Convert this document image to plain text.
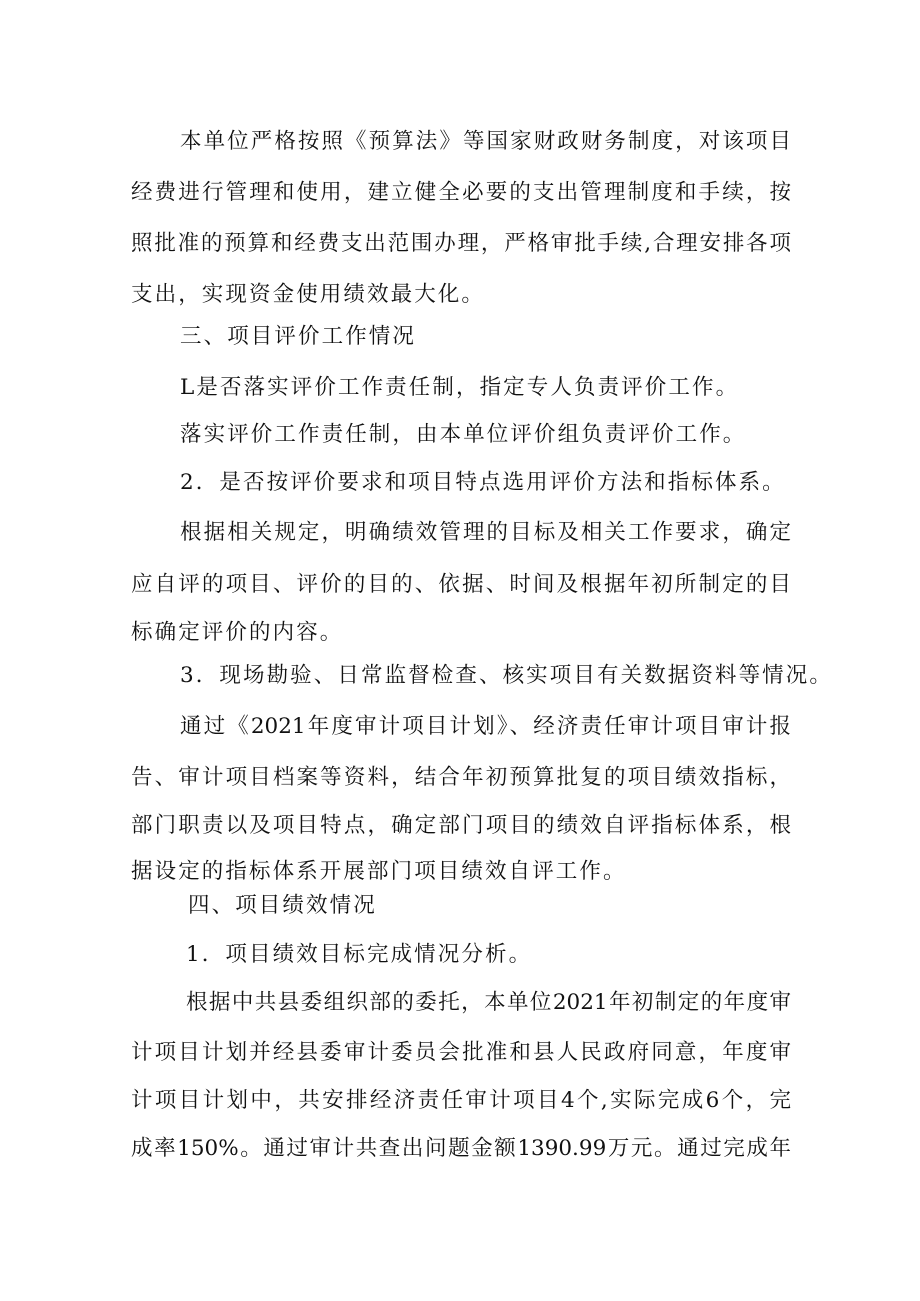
本单位严格按照《预算法》等国家财政财务制度，对该项目
经费进行管理和使用，建立健全必要的支出管理制度和手续，按
照批准的预算和经费支出范围办理，严格审批手续,合理安排各项
支出，实现资金使用绩效最大化。
三、项目评价工作情况
L是否落实评价工作责任制，指定专人负责评价工作。
落实评价工作责任制，由本单位评价组负责评价工作。
2．是否按评价要求和项目特点选用评价方法和指标体系。
根据相关规定，明确绩效管理的目标及相关工作要求，确定
应自评的项目、评价的目的、依据、时间及根据年初所制定的目
标确定评价的内容。
3．现场勘验、日常监督检查、核实项目有关数据资料等情况。
通过《2021年度审计项目计划》、经济责任审计项目审计报
告、审计项目档案等资料，结合年初预算批复的项目绩效指标，
部门职责以及项目特点，确定部门项目的绩效自评指标体系，根
据设定的指标体系开展部门项目绩效自评工作。
四、项目绩效情况
1．项目绩效目标完成情况分析。
根据中共县委组织部的委托，本单位2021年初制定的年度审
计项目计划并经县委审计委员会批准和县人民政府同意，年度审
计项目计划中，共安排经济责任审计项目4个,实际完成6个，完
成率150%。通过审计共查出问题金额1390.99万元。通过完成年
